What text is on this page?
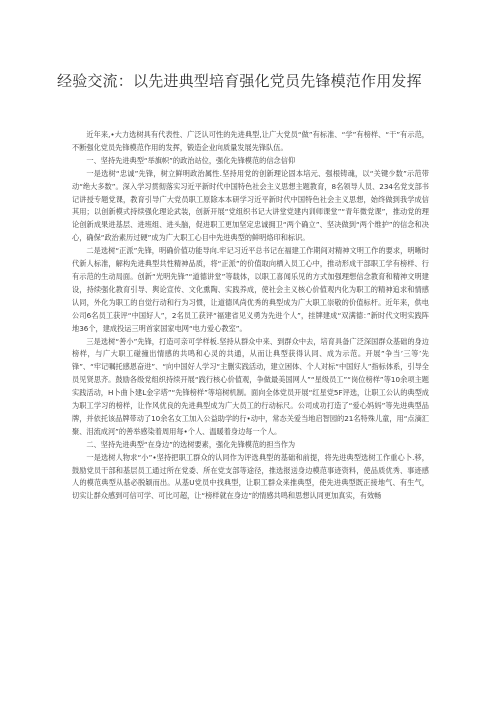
经验交流：以先进典型培育强化党员先锋模范作用发挥

近年来,•大力选树具有代表性、广泛认可性的先进典型,让广大党员“做”有标准、“学”有榜样、“干”有示范，不断强化党员先锋模范作用的发挥，锻造企业向质量发展先锋队伍。

一、坚持先进典型“举旗帜”的政治站位，强化先锋模范的信念信仰

一是选树“忠诚”先锋，树立鲜明政治属性.坚持用党的创新理论固本培元、强根铸魂，以“关键少数”示范带动“绝大多数”。深入学习贯彻落实习近平新时代中国特色社会主义思想主题教育，8名领导人员、234名党支部书记讲授专题党课，教育引导广大党员职工原除本本研学习近平新时代中国特色社会主义思想，始终做到我学成信其用；以创新模式持续强化理论武装，创新开展“党组织书记大讲堂党建内训师课堂”“青年微党课”，推动党的理论创新成果进基层、进班组、进头脑，促进职工更加坚定忠诚拥卫“两个确立”、坚决做到“两个维护”的信念和决心，确保“政治素历过硬”成为广大职工心目中先进典型的鲜明烙印和标识。

二是选树“正派”先锋，明确价值功能导向.牢记习近平总书记在福建工作期间对精神文明工作的要求，明晰时代新人标准，解构先进典型共性精神品质，将“正派”的价值取向栖入员工心中，推动形成干部职工学有榜样、行有示范的生动局面。创新“光明先锋”“道德讲堂”等载体，以职工喜闻乐见的方式加强理想信念教育和精神文明建设，持续强化教育引导、舆论宣传、文化熏陶、实践养成，使社会主义核心价值观内化为职工的精神追求和情感认同，外化为职工的自觉行动和行为习惯，让道德风尚优秀的典型成为广大职工崇敬的价值标杆。近年来，供电公司6名员工获评“中国好人”，2名员工获评“福建省见义勇为先进个人”，挂牌建成“双满德：”新时代文明实践阵地36个，建成投运三明首家国家电网“电力爱心教室”。

三是选树“善小”先锋，打造可亲可学样板.坚持从群众中来、到群众中去，培育具备广泛深国群众基础的身边榜样，与广大职工碰撞出情感的共鸣和心灵的共通，从而让典型获得认同、成为示范。开展”争当’三等’先锋”、“牢记嘱托感恩奋进”、“向中国好人学习“主删实践活动，建立困体、个人对标“中国好人”指标体系，引导全员见贤思齐。鼓励各级党组织持续开展“践行核心价值观，争做最美国网人”“星级员工”“岗位榜样”等10余项主题实践活动，H卜曲卜建L金字塔”“先锋榜样”等培树机制。面向全体党员开展“红星党5F评选，让职工公认的典型成为职工学习的榜样，让作风优良的先进典型成为广大员工的行动标尺。公司成功打造了“爱心妈妈”等先进典型品牌，并依托该品牌带动了10余名女工加入公益助学的行•动中，常态关爱当地启智园的21名特殊儿童，用“点滴汇聚、泪流成河”的善举感染着周用每•个人、温暖着身边每一个人。

二、坚持先进典型“在身边”的选树要素，强化先锋模范的担当作为

一是选树人物求“小”•坚持把职工群众的认同作为评选典型的基础和前提，将先进典型选树工作重心卜.移，鼓励党员干部和基层员工通过所在党委、所在党支部等途径，推选报送身边模范事迹资料，使品质优秀、事迹感人的模范典型从基必脱颖而出。从基U党员中找典型，让职工群众来推典型，使先进典型既正接地气、有生气，切实让群众感到可信可学、可比可超，让“榜样就在身边”的情感共鸣和思想认同更加真实，有效畅
